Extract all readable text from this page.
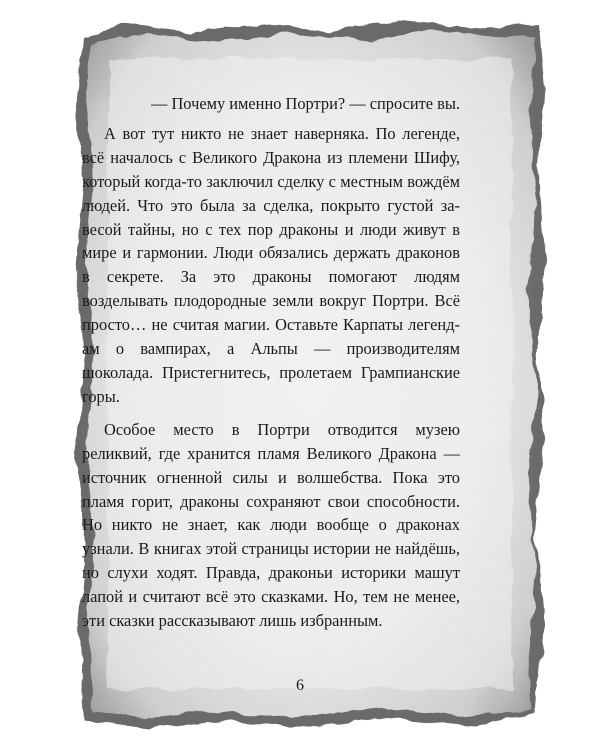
— Почему именно Портри? — спросите вы.

А вот тут никто не знает наверняка. По легенде, всё началось с Великого Дракона из племени Шифу, который когда-то заключил сделку с местным вождём людей. Что это была за сделка, покрыто густой завесой тайны, но с тех пор драконы и люди живут в мире и гармонии. Люди обязались держать драконов в секрете. За это драконы помогают людям возделывать плодородные земли вокруг Портри. Всё просто… не считая магии. Оставьте Карпаты легендам о вампирах, а Альпы — производителям шоколада. Пристегнитесь, пролетаем Грампианские горы.

Особое место в Портри отводится музею реликвий, где хранится пламя Великого Дракона — источник огненной силы и волшебства. Пока это пламя горит, драконы сохраняют свои способности. Но никто не знает, как люди вообще о драконах узнали. В книгах этой страницы истории не найдёшь, но слухи ходят. Правда, драконьи историки машут лапой и считают всё это сказками. Но, тем не менее, эти сказки рассказывают лишь избранным.

6
